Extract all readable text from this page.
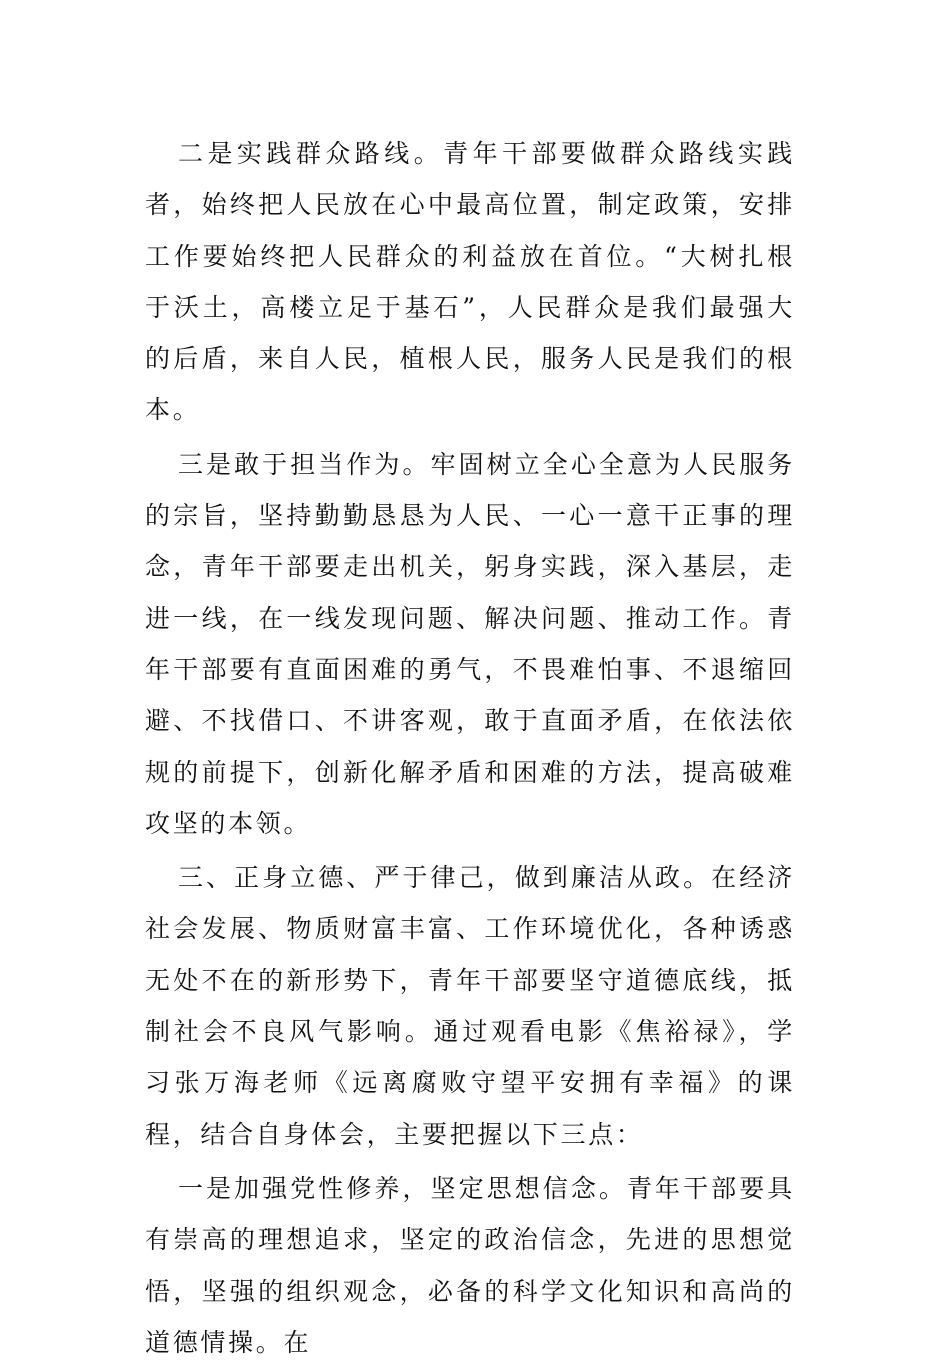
二是实践群众路线。青年干部要做群众路线实践者，始终把人民放在心中最高位置，制定政策，安排工作要始终把人民群众的利益放在首位。“大树扎根于沃土，高楼立足于基石”，人民群众是我们最强大的后盾，来自人民，植根人民，服务人民是我们的根本。

三是敢于担当作为。牢固树立全心全意为人民服务的宗旨，坚持勤勤恳恳为人民、一心一意干正事的理念，青年干部要走出机关，躬身实践，深入基层，走进一线，在一线发现问题、解决问题、推动工作。青年干部要有直面困难的勇气，不畏难怕事、不退缩回避、不找借口、不讲客观，敢于直面矛盾，在依法依规的前提下，创新化解矛盾和困难的方法，提高破难攻坚的本领。

三、正身立德、严于律己，做到廉洁从政。在经济社会发展、物质财富丰富、工作环境优化，各种诱惑无处不在的新形势下，青年干部要坚守道德底线，抵制社会不良风气影响。通过观看电影《焦裕禄》，学习张万海老师《远离腐败守望平安拥有幸福》的课程，结合自身体会，主要把握以下三点：

一是加强党性修养，坚定思想信念。青年干部要具有崇高的理想追求，坚定的政治信念，先进的思想觉悟，坚强的组织观念，必备的科学文化知识和高尚的道德情操。在
